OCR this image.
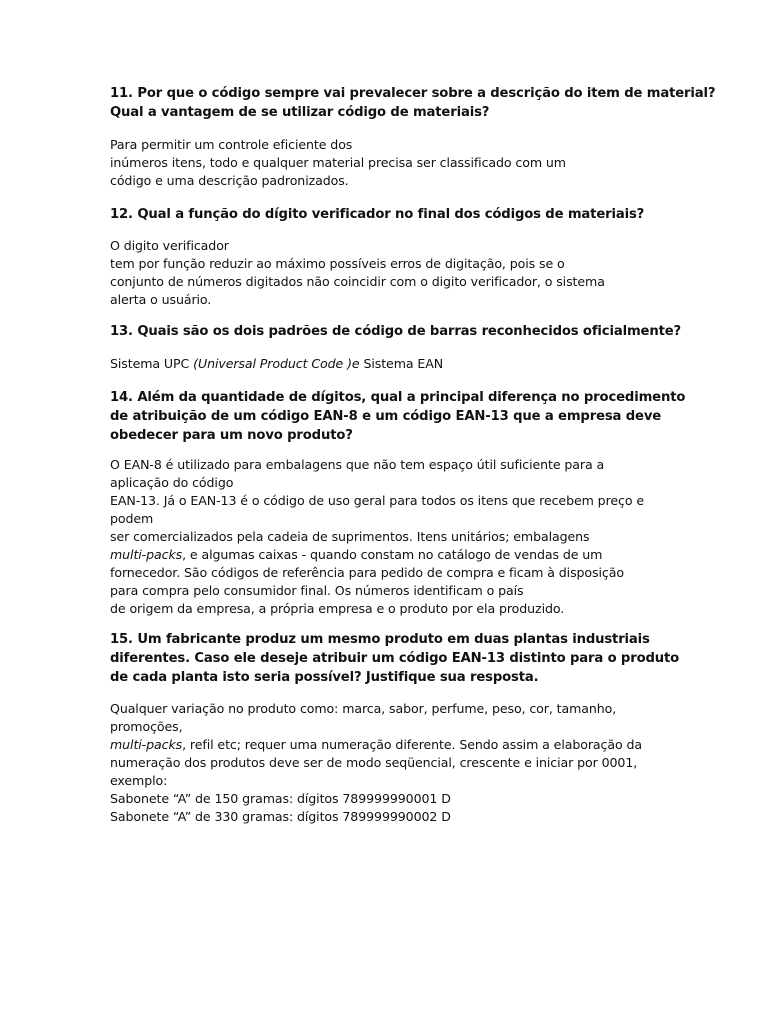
11. Por que o código sempre vai prevalecer sobre a descrição do item de material?
Qual a vantagem de se utilizar código de materiais?

Para permitir um controle eficiente dos
inúmeros itens, todo e qualquer material precisa ser classificado com um
código e uma descrição padronizados.

12. Qual a função do dígito verificador no final dos códigos de materiais?

O digito verificador
tem por função reduzir ao máximo possíveis erros de digitação, pois se o
conjunto de números digitados não coincidir com o digito verificador, o sistema
alerta o usuário.

13. Quais são os dois padrões de código de barras reconhecidos oficialmente?

Sistema UPC (Universal Product Code )e Sistema EAN

14. Além da quantidade de dígitos, qual a principal diferença no procedimento
de atribuição de um código EAN-8 e um código EAN-13 que a empresa deve
obedecer para um novo produto?

O EAN-8 é utilizado para embalagens que não tem espaço útil suficiente para a
aplicação do código
EAN-13. Já o EAN-13 é o código de uso geral para todos os itens que recebem preço e
podem
ser comercializados pela cadeia de suprimentos. Itens unitários; embalagens
multi-packs, e algumas caixas - quando constam no catálogo de vendas de um
fornecedor. São códigos de referência para pedido de compra e ficam à disposição
para compra pelo consumidor final. Os números identificam o país
de origem da empresa, a própria empresa e o produto por ela produzido.

15. Um fabricante produz um mesmo produto em duas plantas industriais
diferentes. Caso ele deseje atribuir um código EAN-13 distinto para o produto
de cada planta isto seria possível? Justifique sua resposta.

Qualquer variação no produto como: marca, sabor, perfume, peso, cor, tamanho,
promoções,
multi-packs, refil etc; requer uma numeração diferente. Sendo assim a elaboração da
numeração dos produtos deve ser de modo seqüencial, crescente e iniciar por 0001,
exemplo:
Sabonete “A” de 150 gramas: dígitos 789999990001 D
Sabonete “A” de 330 gramas: dígitos 789999990002 D
